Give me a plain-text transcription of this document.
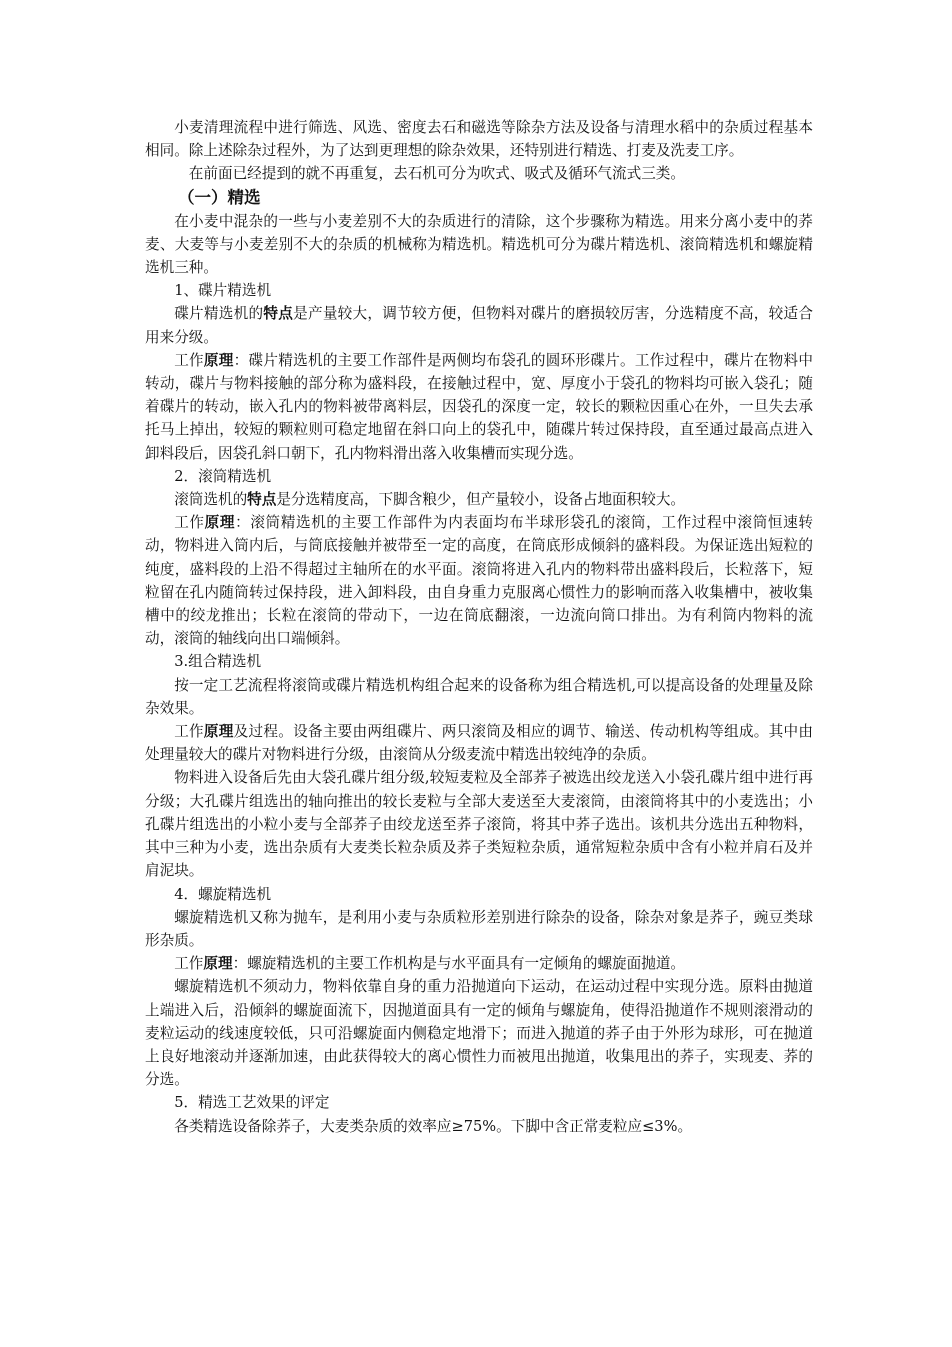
小麦清理流程中进行筛选、风选、密度去石和磁选等除杂方法及设备与清理水稻中的杂质过程基本相同。除上述除杂过程外，为了达到更理想的除杂效果，还特别进行精选、打麦及洗麦工序。

在前面已经提到的就不再重复，去石机可分为吹式、吸式及循环气流式三类。

（一）精选

在小麦中混杂的一些与小麦差别不大的杂质进行的清除，这个步骤称为精选。用来分离小麦中的荞麦、大麦等与小麦差别不大的杂质的机械称为精选机。精选机可分为碟片精选机、滚筒精选机和螺旋精选机三种。

1、碟片精选机

碟片精选机的特点是产量较大，调节较方便，但物料对碟片的磨损较厉害，分选精度不高，较适合用来分级。

工作原理：碟片精选机的主要工作部件是两侧均布袋孔的圆环形碟片。工作过程中，碟片在物料中转动，碟片与物料接触的部分称为盛料段，在接触过程中，宽、厚度小于袋孔的物料均可嵌入袋孔；随着碟片的转动，嵌入孔内的物料被带离料层，因袋孔的深度一定，较长的颗粒因重心在外，一旦失去承托马上掉出，较短的颗粒则可稳定地留在斜口向上的袋孔中，随碟片转过保持段，直至通过最高点进入卸料段后，因袋孔斜口朝下，孔内物料滑出落入收集槽而实现分选。

2．滚筒精选机

滚筒选机的特点是分选精度高，下脚含粮少，但产量较小，设备占地面积较大。

工作原理：滚筒精选机的主要工作部件为内表面均布半球形袋孔的滚筒，工作过程中滚筒恒速转动，物料进入筒内后，与筒底接触并被带至一定的高度，在筒底形成倾斜的盛料段。为保证选出短粒的纯度，盛料段的上沿不得超过主轴所在的水平面。滚筒将进入孔内的物料带出盛料段后，长粒落下，短粒留在孔内随筒转过保持段，进入卸料段，由自身重力克服离心惯性力的影响而落入收集槽中，被收集槽中的绞龙推出；长粒在滚筒的带动下，一边在筒底翻滚，一边流向筒口排出。为有利筒内物料的流动，滚筒的轴线向出口端倾斜。

3.组合精选机

按一定工艺流程将滚筒或碟片精选机构组合起来的设备称为组合精选机,可以提高设备的处理量及除杂效果。

工作原理及过程。设备主要由两组碟片、两只滚筒及相应的调节、输送、传动机构等组成。其中由处理量较大的碟片对物料进行分级，由滚筒从分级麦流中精选出较纯净的杂质。

物料进入设备后先由大袋孔碟片组分级,较短麦粒及全部荞子被选出绞龙送入小袋孔碟片组中进行再分级；大孔碟片组选出的轴向推出的较长麦粒与全部大麦送至大麦滚筒，由滚筒将其中的小麦选出；小孔碟片组选出的小粒小麦与全部荞子由绞龙送至荞子滚筒，将其中荞子选出。该机共分选出五种物料，其中三种为小麦，选出杂质有大麦类长粒杂质及荞子类短粒杂质，通常短粒杂质中含有小粒并肩石及并肩泥块。

4．螺旋精选机

螺旋精选机又称为抛车，是利用小麦与杂质粒形差别进行除杂的设备，除杂对象是荞子，豌豆类球形杂质。

工作原理：螺旋精选机的主要工作机构是与水平面具有一定倾角的螺旋面抛道。

螺旋精选机不须动力，物料依靠自身的重力沿抛道向下运动，在运动过程中实现分选。原料由抛道上端进入后，沿倾斜的螺旋面流下，因抛道面具有一定的倾角与螺旋角，使得沿抛道作不规则滚滑动的麦粒运动的线速度较低，只可沿螺旋面内侧稳定地滑下；而进入抛道的荞子由于外形为球形，可在抛道上良好地滚动并逐渐加速，由此获得较大的离心惯性力而被甩出抛道，收集甩出的荞子，实现麦、荞的分选。

5．精选工艺效果的评定

各类精选设备除荞子，大麦类杂质的效率应≥75%。下脚中含正常麦粒应≤3%。
